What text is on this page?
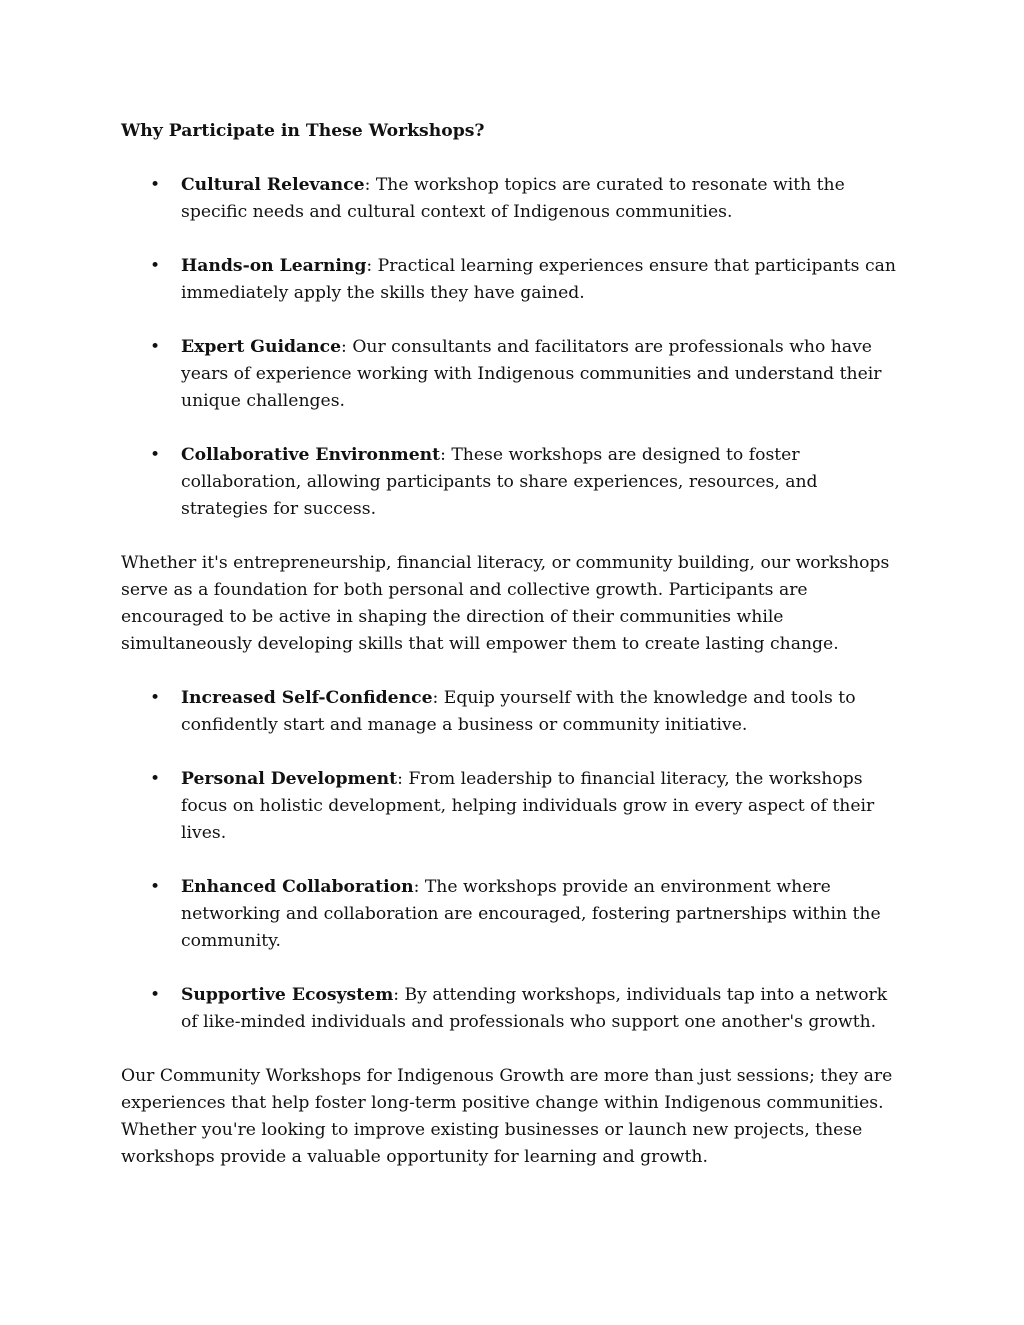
Why Participate in These Workshops?
• Cultural Relevance: The workshop topics are curated to resonate with the specific needs and cultural context of Indigenous communities.
• Hands-on Learning: Practical learning experiences ensure that participants can immediately apply the skills they have gained.
• Expert Guidance: Our consultants and facilitators are professionals who have years of experience working with Indigenous communities and understand their unique challenges.
• Collaborative Environment: These workshops are designed to foster collaboration, allowing participants to share experiences, resources, and strategies for success.

Whether it's entrepreneurship, financial literacy, or community building, our workshops serve as a foundation for both personal and collective growth. Participants are encouraged to be active in shaping the direction of their communities while simultaneously developing skills that will empower them to create lasting change.

• Increased Self-Confidence: Equip yourself with the knowledge and tools to confidently start and manage a business or community initiative.
• Personal Development: From leadership to financial literacy, the workshops focus on holistic development, helping individuals grow in every aspect of their lives.
• Enhanced Collaboration: The workshops provide an environment where networking and collaboration are encouraged, fostering partnerships within the community.
• Supportive Ecosystem: By attending workshops, individuals tap into a network of like-minded individuals and professionals who support one another's growth.

Our Community Workshops for Indigenous Growth are more than just sessions; they are experiences that help foster long-term positive change within Indigenous communities. Whether you're looking to improve existing businesses or launch new projects, these workshops provide a valuable opportunity for learning and growth.
